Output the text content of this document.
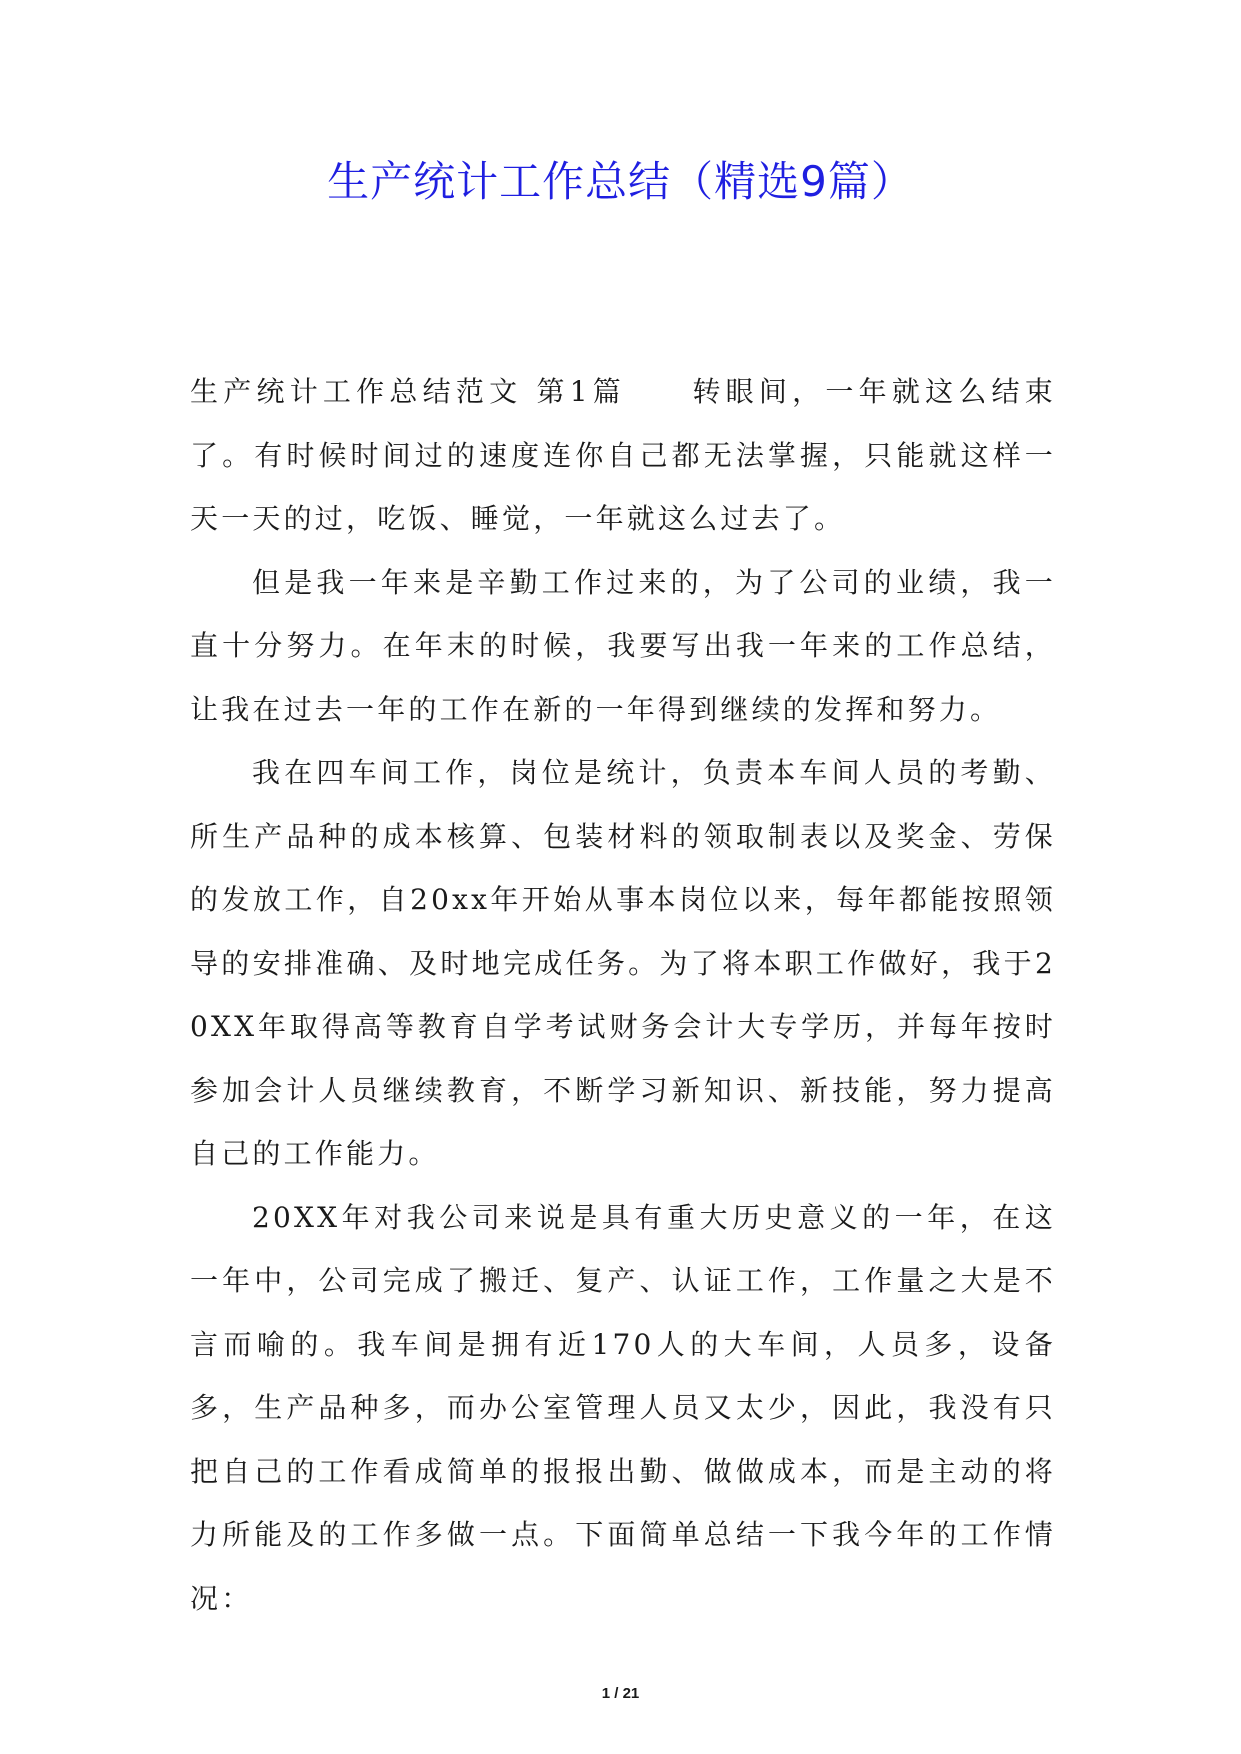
生产统计工作总结（精选9篇）

生产统计工作总结范文 第1篇　　 转眼间，一年就这么结束了。有时候时间过的速度连你自己都无法掌握，只能就这样一天一天的过，吃饭、睡觉，一年就这么过去了。

但是我一年来是辛勤工作过来的，为了公司的业绩，我一直十分努力。在年末的时候，我要写出我一年来的工作总结，让我在过去一年的工作在新的一年得到继续的发挥和努力。

我在四车间工作，岗位是统计，负责本车间人员的考勤、所生产品种的成本核算、包装材料的领取制表以及奖金、劳保的发放工作，自20xx年开始从事本岗位以来，每年都能按照领导的安排准确、及时地完成任务。为了将本职工作做好，我于20XX年取得高等教育自学考试财务会计大专学历，并每年按时参加会计人员继续教育，不断学习新知识、新技能，努力提高自己的工作能力。

20XX年对我公司来说是具有重大历史意义的一年，在这一年中，公司完成了搬迁、复产、认证工作，工作量之大是不言而喻的。我车间是拥有近170人的大车间，人员多，设备多，生产品种多，而办公室管理人员又太少，因此，我没有只把自己的工作看成简单的报报出勤、做做成本，而是主动的将力所能及的工作多做一点。下面简单总结一下我今年的工作情况：

1 / 21
